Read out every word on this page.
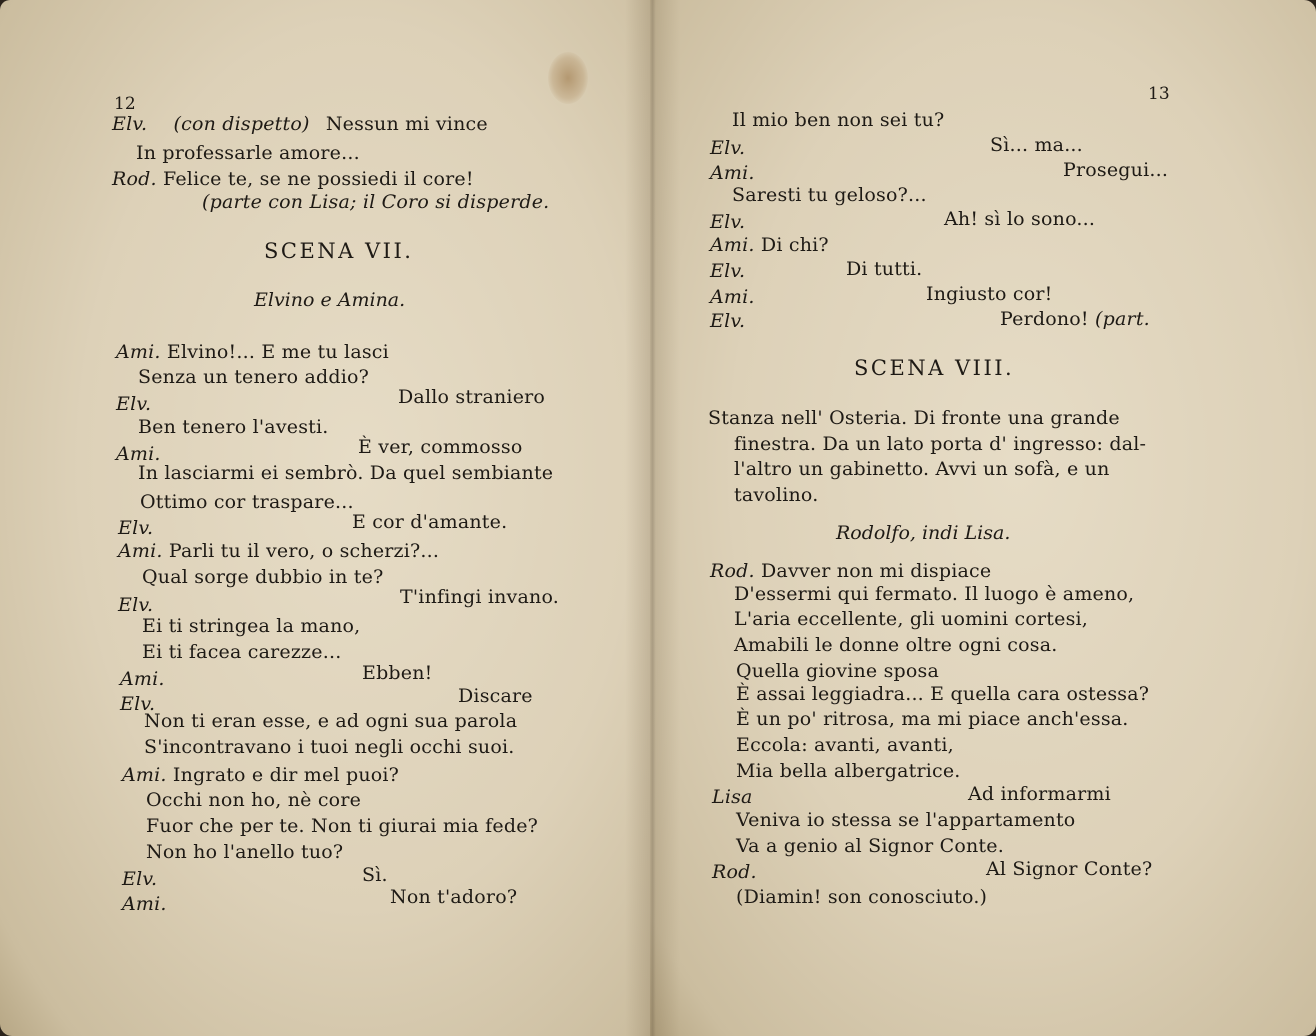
12
Elv. (con dispetto) Nessun mi vince
In professarle amore...
Rod. Felice te, se ne possiedi il core!
(parte con Lisa; il Coro si disperde.
SCENA VII.
Elvino e Amina.
Ami. Elvino!... E me tu lasci
Senza un tenero addio?
Elv.	Dallo straniero
Ben tenero l'avesti.
Ami.	È ver, commosso
In lasciarmi ei sembrò. Da quel sembiante
Ottimo cor traspare...
Elv.	E cor d'amante.
Ami. Parli tu il vero, o scherzi?...
Qual sorge dubbio in te?
Elv.	T'infingi invano.
Ei ti stringea la mano,
Ei ti facea carezze...
Ami.	Ebben!
Elv.	Discare
Non ti eran esse, e ad ogni sua parola
S'incontravano i tuoi negli occhi suoi.
Ami. Ingrato e dir mel puoi?
Occhi non ho, nè core
Fuor che per te. Non ti giurai mia fede?
Non ho l'anello tuo?
Elv.	Sì.
Ami.	Non t'adoro?
13
Il mio ben non sei tu?
Elv.	Sì... ma...
Ami.	Prosegui...
Saresti tu geloso?...
Elv.	Ah! sì lo sono...
Ami. Di chi?
Elv.	Di tutti.
Ami.	Ingiusto cor!
Elv.	Perdono! (part.
SCENA VIII.
Stanza nell' Osteria. Di fronte una grande
finestra. Da un lato porta d' ingresso: dal-
l'altro un gabinetto. Avvi un sofà, e un
tavolino.
Rodolfo, indi Lisa.
Rod. Davver non mi dispiace
D'essermi qui fermato. Il luogo è ameno,
L'aria eccellente, gli uomini cortesi,
Amabili le donne oltre ogni cosa.
Quella giovine sposa
È assai leggiadra... E quella cara ostessa?
È un po' ritrosa, ma mi piace anch'essa.
Eccola: avanti, avanti,
Mia bella albergatrice.
Lisa	Ad informarmi
Veniva io stessa se l'appartamento
Va a genio al Signor Conte.
Rod.	Al Signor Conte?
(Diamin! son conosciuto.)
